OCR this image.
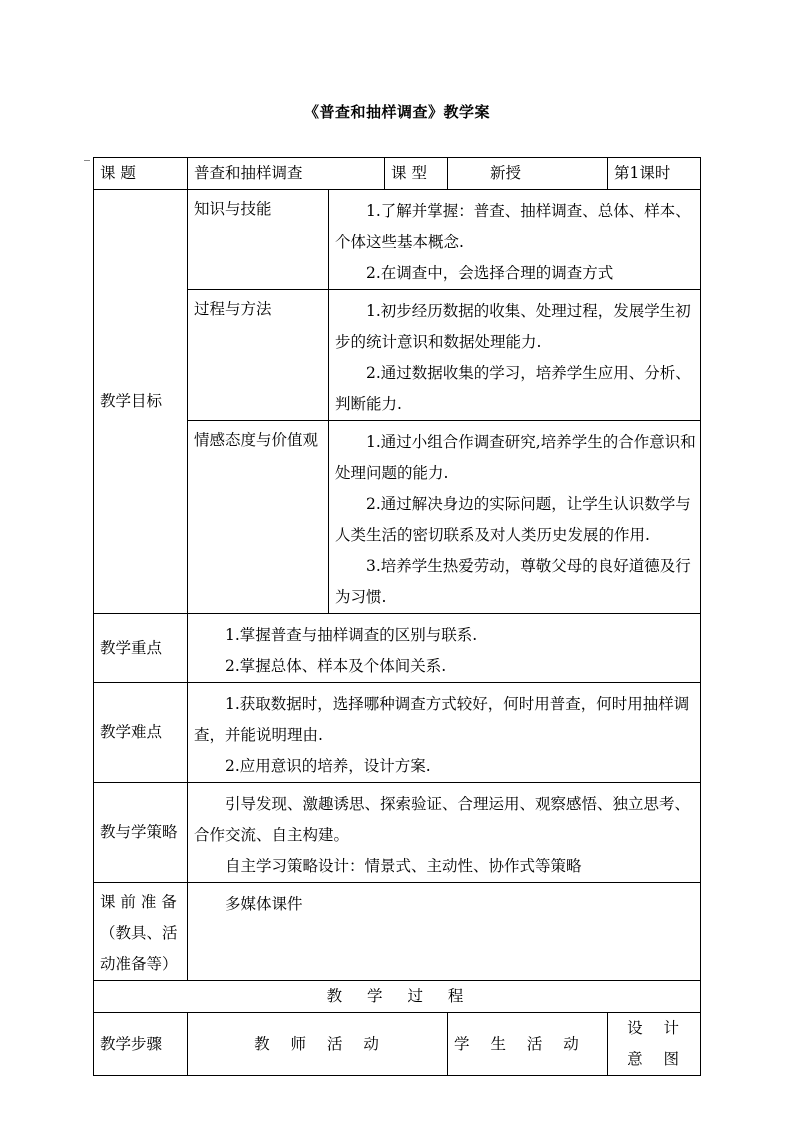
《普查和抽样调查》教学案
_
课 题	普查和抽样调查		课 型	新授	第1课时
教学目标	知识与技能	1.了解并掌握：普查、抽样调查、总体、样本、个体这些基本概念.

2.在调查中，会选择合理的调查方式			

	过程与方法	1.初步经历数据的收集、处理过程，发展学生初步的统计意识和数据处理能力.

2.通过数据收集的学习，培养学生应用、分析、判断能力.			

	情感态度与价值观	1.通过小组合作调查研究,培养学生的合作意识和处理问题的能力.

2.通过解决身边的实际问题，让学生认识数学与人类生活的密切联系及对人类历史发展的作用.

3.培养学生热爱劳动，尊敬父母的良好道德及行为习惯.			

教学重点	1.掌握普查与抽样调查的区别与联系.

2.掌握总体、样本及个体间关系.				

教学难点	1.获取数据时，选择哪种调查方式较好，何时用普查，何时用抽样调查，并能说明理由.

2.应用意识的培养，设计方案.				

教与学策略	引导发现、激趣诱思、探索验证、合理运用、观察感悟、独立思考、合作交流、自主构建。

自主学习策略设计：情景式、主动性、协作式等策略				

课 前 准 备

（教具、活

动准备等）	多媒体课件				

教 学 过 程					
教学步骤	教 师 活 动			学 生 活 动	设 计 意 图
